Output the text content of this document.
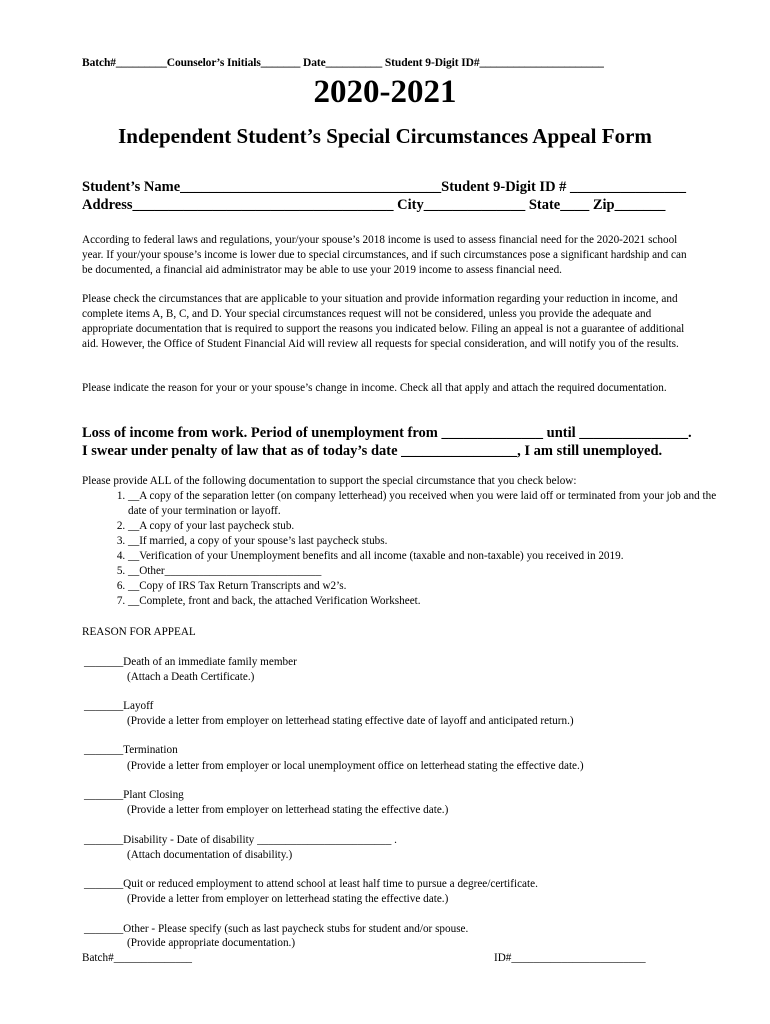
Batch#_________Counselor’s Initials_______ Date__________ Student 9-Digit ID#______________________
2020-2021
Independent Student’s Special Circumstances Appeal Form
Student’s Name____________________________________Student 9-Digit ID # ________________
Address____________________________________ City______________ State____ Zip_______
According to federal laws and regulations, your/your spouse’s 2018 income is used to assess financial need for the 2020-2021 school year. If your/your spouse’s income is lower due to special circumstances, and if such circumstances pose a significant hardship and can be documented, a financial aid administrator may be able to use your 2019 income to assess financial need.
Please check the circumstances that are applicable to your situation and provide information regarding your reduction in income, and complete items A, B, C, and D. Your special circumstances request will not be considered, unless you provide the adequate and appropriate documentation that is required to support the reasons you indicated below. Filing an appeal is not a guarantee of additional aid. However, the Office of Student Financial Aid will review all requests for special consideration, and will notify you of the results.
Please indicate the reason for your or your spouse’s change in income. Check all that apply and attach the required documentation.
Loss of income from work. Period of unemployment from ______________ until _______________.
I swear under penalty of law that as of today’s date ________________, I am still unemployed.
Please provide ALL of the following documentation to support the special circumstance that you check below:
1. __A copy of the separation letter (on company letterhead) you received when you were laid off or terminated from your job and the date of your termination or layoff.
2. __A copy of your last paycheck stub.
3. __If married, a copy of your spouse’s last paycheck stubs.
4. __Verification of your Unemployment benefits and all income (taxable and non-taxable) you received in 2019.
5. __Other____________________________
6. __Copy of IRS Tax Return Transcripts and w2’s.
7. __Complete, front and back, the attached Verification Worksheet.
REASON FOR APPEAL
_______Death of an immediate family member
(Attach a Death Certificate.)
_______Layoff
(Provide a letter from employer on letterhead stating effective date of layoff and anticipated return.)
_______Termination
(Provide a letter from employer or local unemployment office on letterhead stating the effective date.)
_______Plant Closing
(Provide a letter from employer on letterhead stating the effective date.)
_______Disability - Date of disability ________________________ .
(Attach documentation of disability.)
_______Quit or reduced employment to attend school at least half time to pursue a degree/certificate.
(Provide a letter from employer on letterhead stating the effective date.)
_______Other - Please specify (such as last paycheck stubs for student and/or spouse.
(Provide appropriate documentation.)
Batch#______________	ID#________________________
